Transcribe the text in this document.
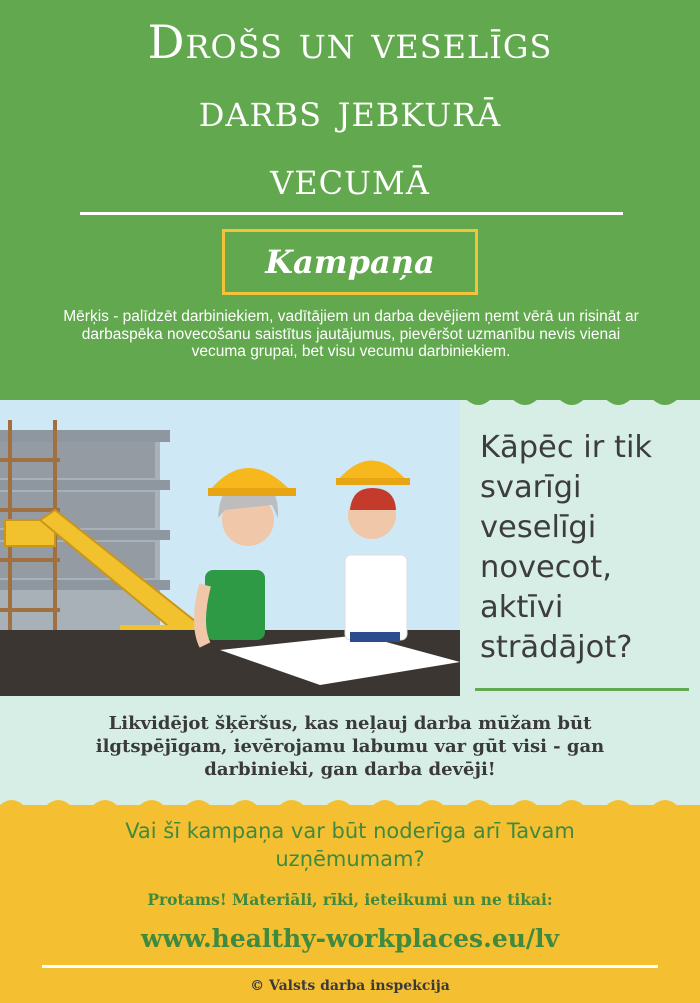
Drošs un veselīgs
darbs jebkurā
vecumā
Kampaņa
Mērķis - palīdzēt darbiniekiem, vadītājiem un darba devējiem ņemt vērā un risināt ar darbaspēka novecošanu saistītus jautājumus, pievēršot uzmanību nevis vienai vecuma grupai, bet visu vecumu darbiniekiem.
Kāpēc ir tik svarīgi veselīgi novecot, aktīvi strādājot?
Likvidējot šķēršus, kas neļauj darba mūžam būt ilgtspējīgam, ievērojamu labumu var gūt visi - gan darbinieki, gan darba devēji!
Vai šī kampaņa var būt noderīga arī Tavam uzņēmumam?
Protams! Materiāli, rīki, ieteikumi un ne tikai:
www.healthy-workplaces.eu/lv
© Valsts darba inspekcija
